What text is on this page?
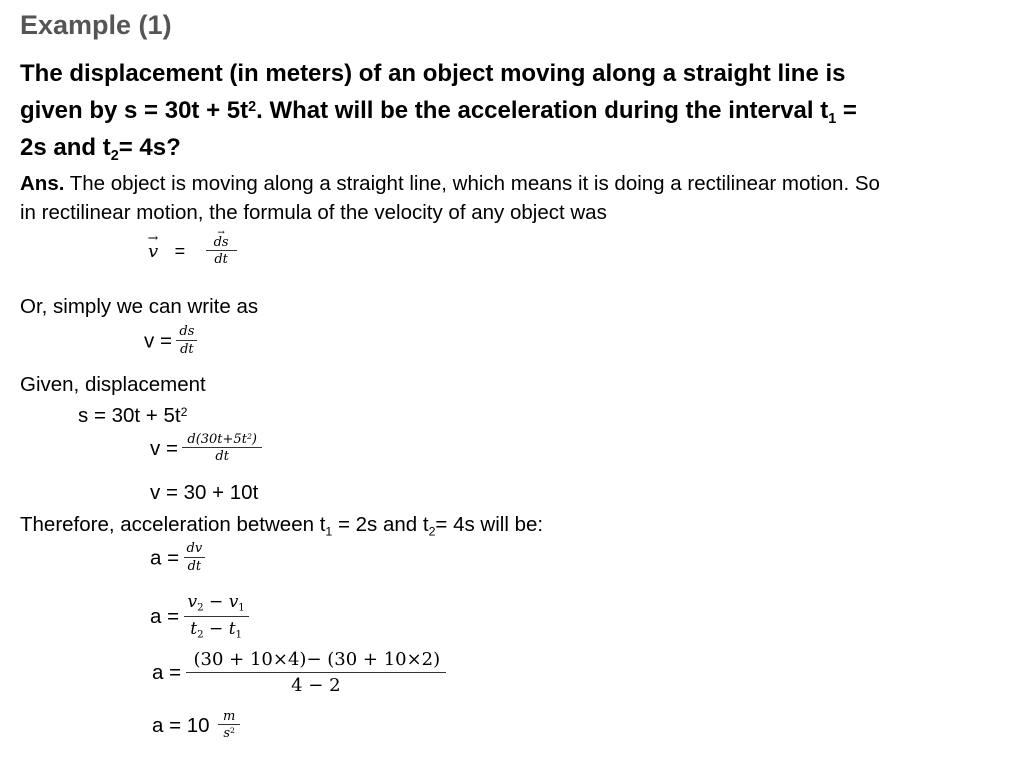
Example (1)
The displacement (in meters) of an object moving along a straight line is
given by $s = 30t + 5t^2$. What will be the acceleration during the interval $t_1$ =
2s and $t_2= 4s$?
Ans. The object is moving along a straight line, which means it is doing a rectilinear motion. So
in rectilinear motion, the formula of the velocity of any object was
→ v = → $\frac{ds}{dt}$
Or, simply we can write as
$v = \frac{ds}{dt}$
Given, displacement
$s = 30t + 5t^2$
$v = \frac{d(30t+5t^2)}{dt}$
v = 30 + 10t
Therefore, acceleration between $t_1 = 2s$ and $t_2= 4s$ will be:
$a = \frac{dv}{dt}$
$a = \frac{v_2 - v_1}{t_2 - t_1}$
$a = \frac{(30 + 10\times 4)- (30 + 10\times 2)}{4 - 2}$
$a = 10 \frac{m}{s^2}$
